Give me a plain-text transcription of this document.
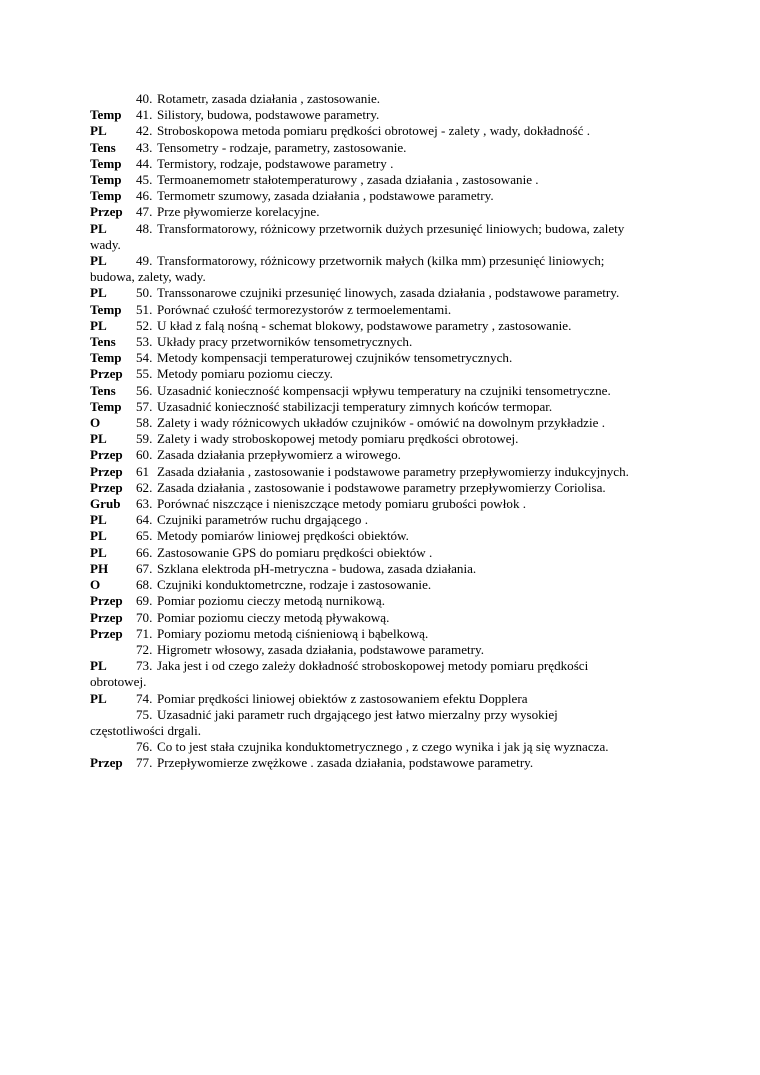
40. Rotametr, zasada działania , zastosowanie.
Temp 41. Silistory, budowa, podstawowe parametry.
PL 42. Stroboskopowa metoda pomiaru prędkości obrotowej - zalety , wady, dokładność .
Tens 43. Tensometry - rodzaje, parametry, zastosowanie.
Temp 44. Termistory, rodzaje, podstawowe parametry .
Temp 45. Termoanemometr stałotemperaturowy , zasada działania , zastosowanie .
Temp 46. Termometr szumowy, zasada działania , podstawowe parametry.
Przep 47. Prze pływomierze korelacyjne.
PL 48. Transformatorowy, różnicowy przetwornik dużych przesunięć liniowych; budowa, zalety
wady.
PL 49. Transformatorowy, różnicowy przetwornik małych (kilka mm) przesunięć liniowych;
budowa, zalety, wady.
PL 50. Transsonarowe czujniki przesunięć linowych, zasada działania , podstawowe parametry.
Temp 51. Porównać czułość termorezystorów z termoelementami.
PL 52. U kład z falą nośną - schemat blokowy, podstawowe parametry , zastosowanie.
Tens 53. Układy pracy przetworników tensometrycznych.
Temp 54. Metody kompensacji temperaturowej czujników tensometrycznych.
Przep 55. Metody pomiaru poziomu cieczy.
Tens 56. Uzasadnić konieczność kompensacji wpływu temperatury na czujniki tensometryczne.
Temp 57. Uzasadnić konieczność stabilizacji temperatury zimnych końców termopar.
O	58. Zalety i wady różnicowych układów czujników - omówić na dowolnym przykładzie .
PL 59. Zalety i wady stroboskopowej metody pomiaru prędkości obrotowej.
Przep 60. Zasada działania przepływomierz a wirowego.
Przep 61 Zasada działania , zastosowanie i podstawowe parametry przepływomierzy indukcyjnych.
Przep 62. Zasada działania , zastosowanie i podstawowe parametry przepływomierzy Coriolisa.
Grub 63. Porównać niszczące i nieniszczące metody pomiaru grubości powłok .
PL 64. Czujniki parametrów ruchu drgającego .
PL 65. Metody pomiarów liniowej prędkości obiektów.
PL 66. Zastosowanie GPS do pomiaru prędkości obiektów .
PH 67. Szklana elektroda pH-metryczna - budowa, zasada działania.
O	68. Czujniki konduktometrczne, rodzaje i zastosowanie.
Przep 69. Pomiar poziomu cieczy metodą nurnikową.
Przep 70. Pomiar poziomu cieczy metodą pływakową.
Przep 71. Pomiary poziomu metodą ciśnieniową i bąbelkową.
72. Higrometr włosowy, zasada działania, podstawowe parametry.
PL 73. Jaka jest i od czego zależy dokładność stroboskopowej metody pomiaru prędkości
obrotowej.
PL 74. Pomiar prędkości liniowej obiektów z zastosowaniem efektu Dopplera
75. Uzasadnić jaki parametr ruch drgającego jest łatwo mierzalny przy wysokiej
częstotliwości drgali.
76. Co to jest stała czujnika konduktometrycznego , z czego wynika i jak ją się wyznacza.
Przep 77. Przepływomierze zwężkowe . zasada działania, podstawowe parametry.
